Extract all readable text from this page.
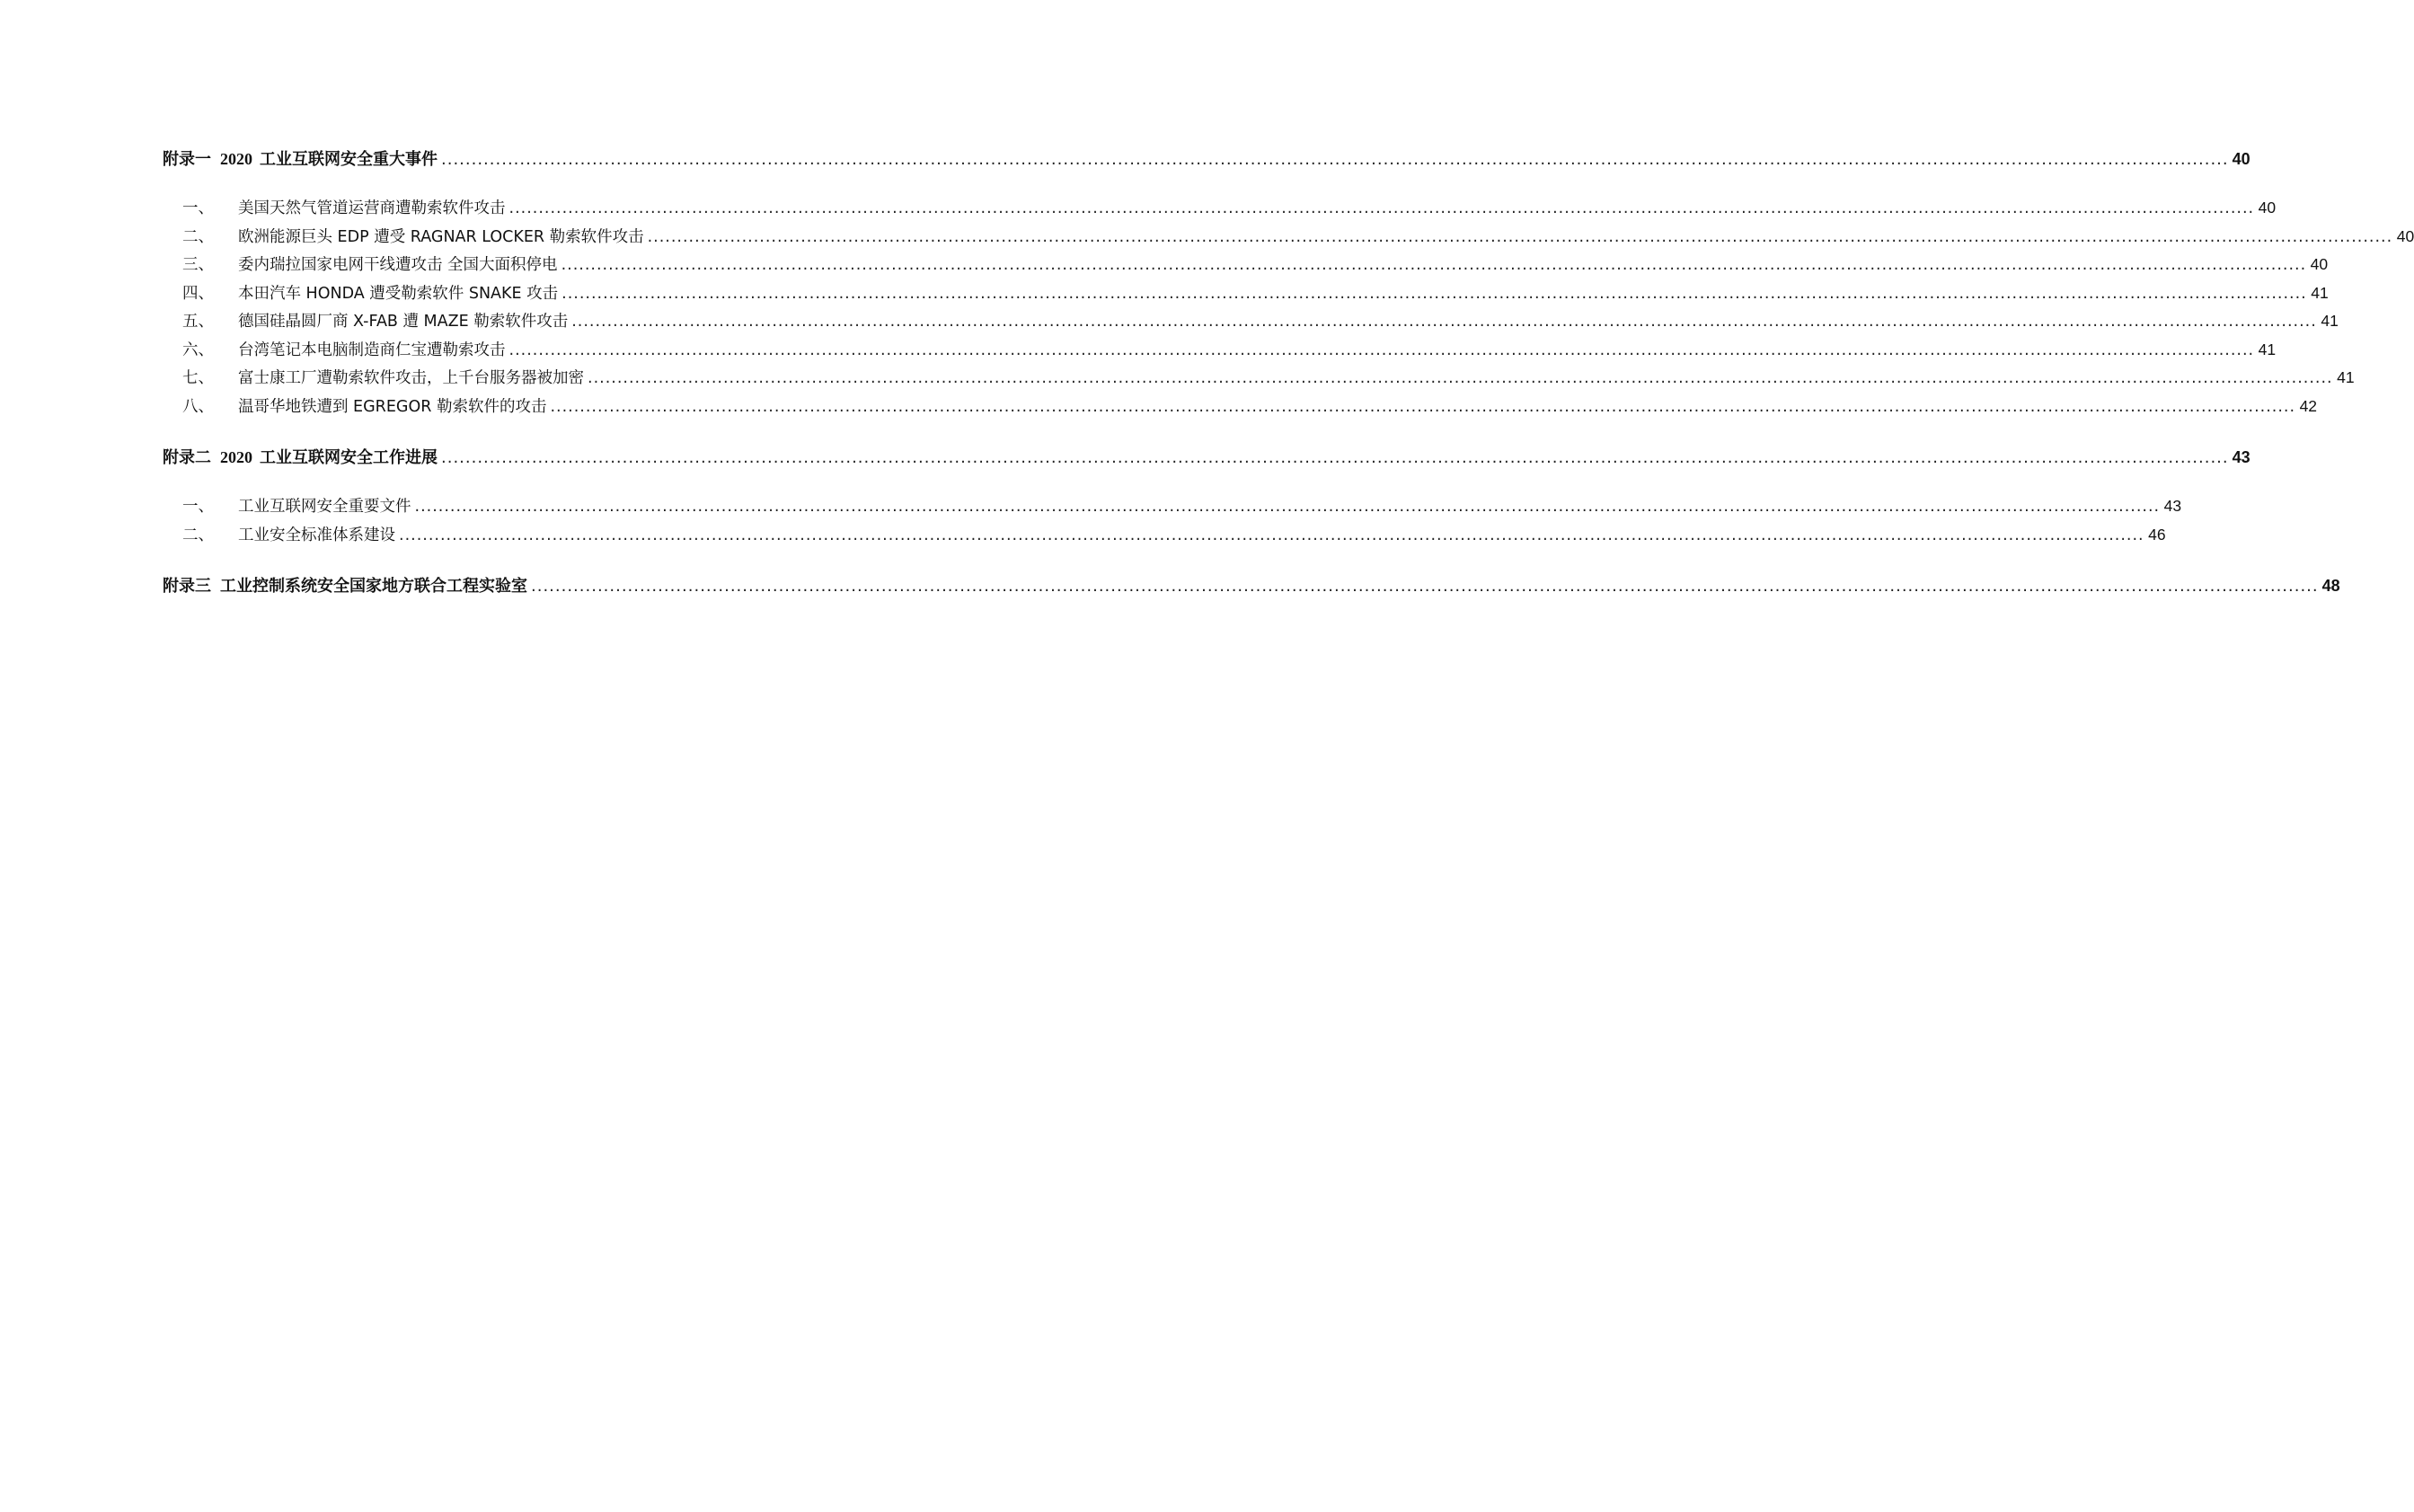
附录一 2020 工业互联网安全重大事件 .....	40
一、	美国天然气管道运营商遭勒索软件攻击 .....	40
二、	欧洲能源巨头 EDP 遭受 RAGNAR LOCKER 勒索软件攻击 .....	40
三、	委内瑞拉国家电网干线遭攻击 全国大面积停电 .....	40
四、	本田汽车 HONDA 遭受勒索软件 SNAKE 攻击 .....	41
五、	德国硅晶圆厂商 X-FAB 遭 MAZE 勒索软件攻击 .....	41
六、	台湾笔记本电脑制造商仁宝遭勒索攻击 .....	41
七、	富士康工厂遭勒索软件攻击，上千台服务器被加密 .....	41
八、	温哥华地铁遭到 EGREGOR 勒索软件的攻击 .....	42
附录二 2020 工业互联网安全工作进展 .....	43
一、	工业互联网安全重要文件 .....	43
二、	工业安全标准体系建设 .....	46
附录三 工业控制系统安全国家地方联合工程实验室 .....	48
